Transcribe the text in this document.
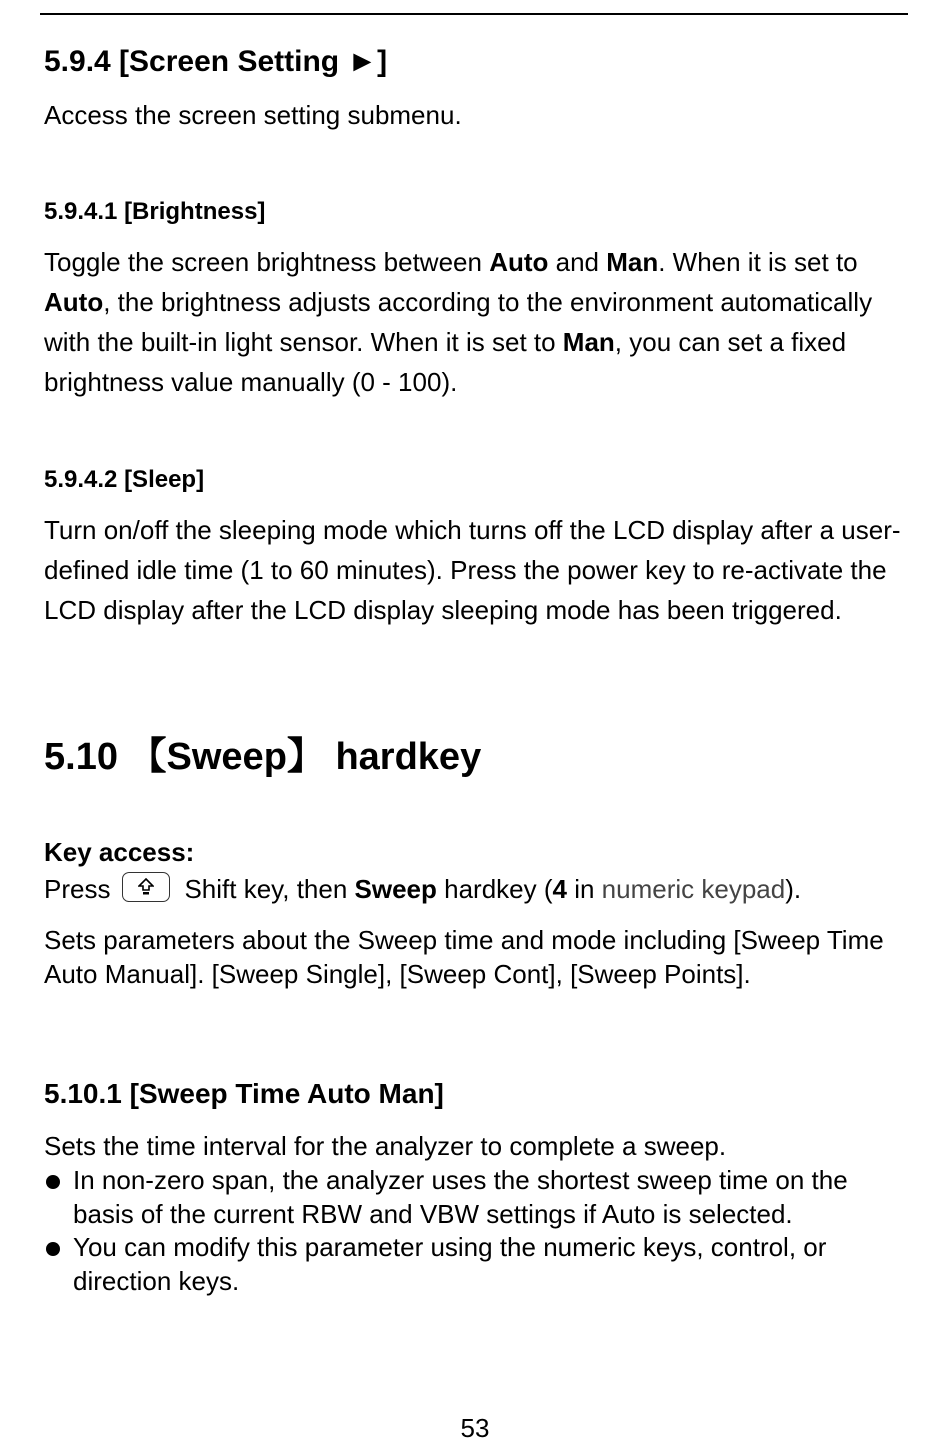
5.9.4 [Screen Setting ►]

Access the screen setting submenu.

5.9.4.1 [Brightness]

Toggle the screen brightness between Auto and Man. When it is set to Auto, the brightness adjusts according to the environment automatically with the built-in light sensor. When it is set to Man, you can set a fixed brightness value manually (0 - 100).

5.9.4.2 [Sleep]

Turn on/off the sleeping mode which turns off the LCD display after a user-defined idle time (1 to 60 minutes). Press the power key to re-activate the LCD display after the LCD display sleeping mode has been triggered.

5.10 【Sweep】 hardkey
Key access:

Press	Shift key, then Sweep hardkey (4 in numeric keypad).

Sets parameters about the Sweep time and mode including [Sweep Time Auto Manual]. [Sweep Single], [Sweep Cont], [Sweep Points].

5.10.1 [Sweep Time Auto Man]

Sets the time interval for the analyzer to complete a sweep.

In non-zero span, the analyzer uses the shortest sweep time on the basis of the current RBW and VBW settings if Auto is selected.
You can modify this parameter using the numeric keys, control, or direction keys.
53
